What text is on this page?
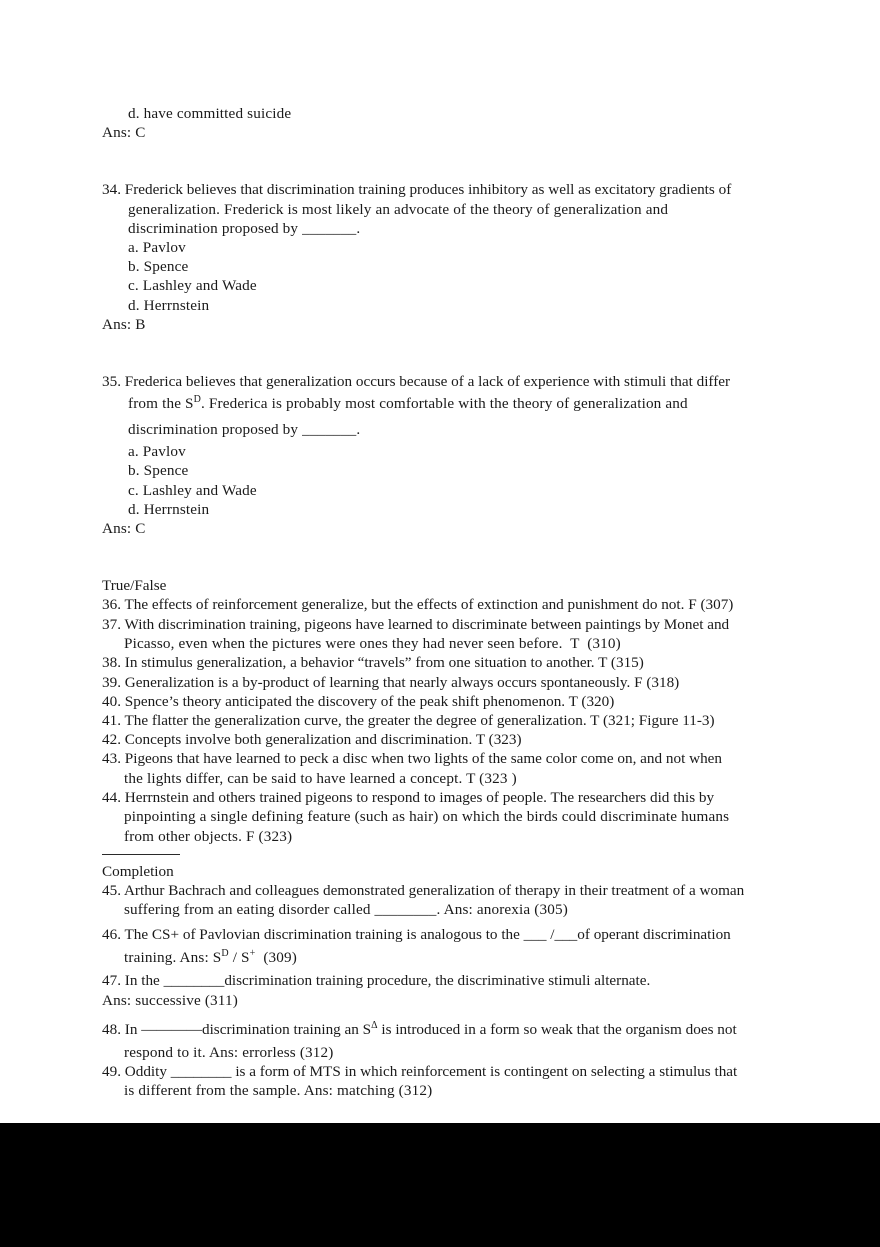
d. have committed suicide
Ans: C
34. Frederick believes that discrimination training produces inhibitory as well as excitatory gradients of
generalization. Frederick is most likely an advocate of the theory of generalization and
discrimination proposed by _______.
a. Pavlov
b. Spence
c. Lashley and Wade
d. Herrnstein
Ans: B
35. Frederica believes that generalization occurs because of a lack of experience with stimuli that differ
from the $S^D$. Frederica is probably most comfortable with the theory of generalization and
discrimination proposed by _______.
a. Pavlov
b. Spence
c. Lashley and Wade
d. Herrnstein
Ans: C
True/False
36. The effects of reinforcement generalize, but the effects of extinction and punishment do not. F (307)
37. With discrimination training, pigeons have learned to discriminate between paintings by Monet and
Picasso, even when the pictures were ones they had never seen before.  T  (310)
38. In stimulus generalization, a behavior “travels” from one situation to another. T (315)
39. Generalization is a by-product of learning that nearly always occurs spontaneously. F (318)
40. Spence’s theory anticipated the discovery of the peak shift phenomenon. T (320)
41. The flatter the generalization curve, the greater the degree of generalization. T (321; Figure 11-3)
42. Concepts involve both generalization and discrimination. T (323)
43. Pigeons that have learned to peck a disc when two lights of the same color come on, and not when
the lights differ, can be said to have learned a concept. T (323 )
44. Herrnstein and others trained pigeons to respond to images of people. The researchers did this by
pinpointing a single defining feature (such as hair) on which the birds could discriminate humans
from other objects. F (323)
Completion
45. Arthur Bachrach and colleagues demonstrated generalization of therapy in their treatment of a woman
suffering from an eating disorder called ________. Ans: anorexia (305)
46. The CS+ of Pavlovian discrimination training is analogous to the ___ /___of operant discrimination
training. Ans: $S^D / S^+$  (309)
47. In the ________discrimination training procedure, the discriminative stimuli alternate.
Ans: successive (311)
48. In ————discrimination training an $S^\Delta$ is introduced in a form so weak that the organism does not
respond to it. Ans: errorless (312)
49. Oddity ________ is a form of MTS in which reinforcement is contingent on selecting a stimulus that
is different from the sample. Ans: matching (312)
